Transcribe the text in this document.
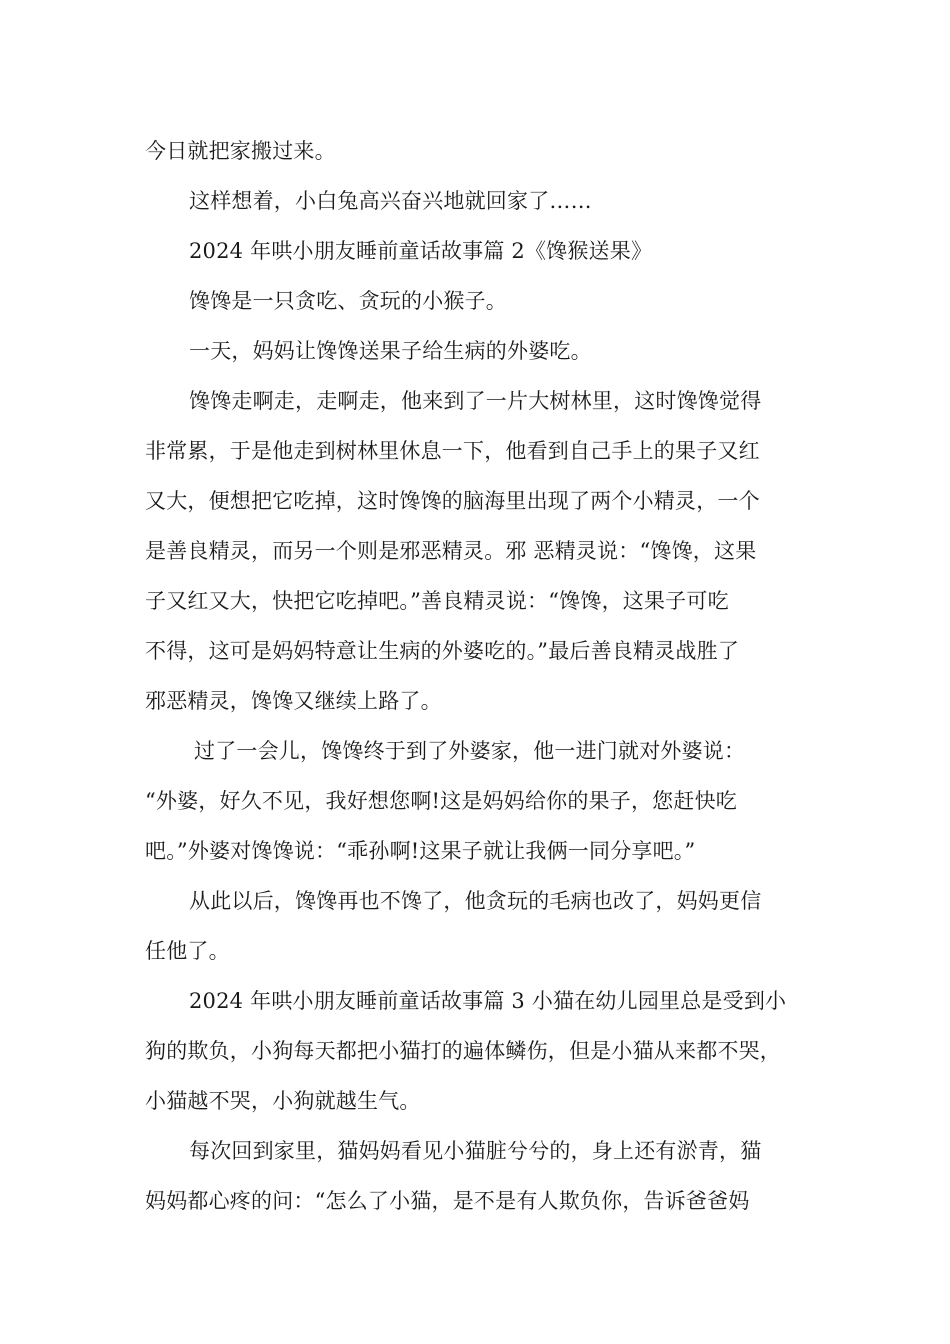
今日就把家搬过来。
这样想着，小白兔高兴奋兴地就回家了……
2024 年哄小朋友睡前童话故事篇 2《馋猴送果》
馋馋是一只贪吃、贪玩的小猴子。
一天，妈妈让馋馋送果子给生病的外婆吃。
馋馋走啊走，走啊走，他来到了一片大树林里，这时馋馋觉得
非常累，于是他走到树林里休息一下，他看到自己手上的果子又红
又大，便想把它吃掉，这时馋馋的脑海里出现了两个小精灵，一个
是善良精灵，而另一个则是邪恶精灵。邪 恶精灵说：“馋馋，这果
子又红又大，快把它吃掉吧。”善良精灵说：“馋馋，这果子可吃
不得，这可是妈妈特意让生病的外婆吃的。”最后善良精灵战胜了
邪恶精灵，馋馋又继续上路了。
过了一会儿，馋馋终于到了外婆家，他一进门就对外婆说：
“外婆，好久不见，我好想您啊!这是妈妈给你的果子，您赶快吃
吧。”外婆对馋馋说：“乖孙啊!这果子就让我俩一同分享吧。”
从此以后，馋馋再也不馋了，他贪玩的毛病也改了，妈妈更信
任他了。
2024 年哄小朋友睡前童话故事篇 3 小猫在幼儿园里总是受到小
狗的欺负，小狗每天都把小猫打的遍体鳞伤，但是小猫从来都不哭，
小猫越不哭，小狗就越生气。
每次回到家里，猫妈妈看见小猫脏兮兮的，身上还有淤青，猫
妈妈都心疼的问：“怎么了小猫，是不是有人欺负你，告诉爸爸妈
